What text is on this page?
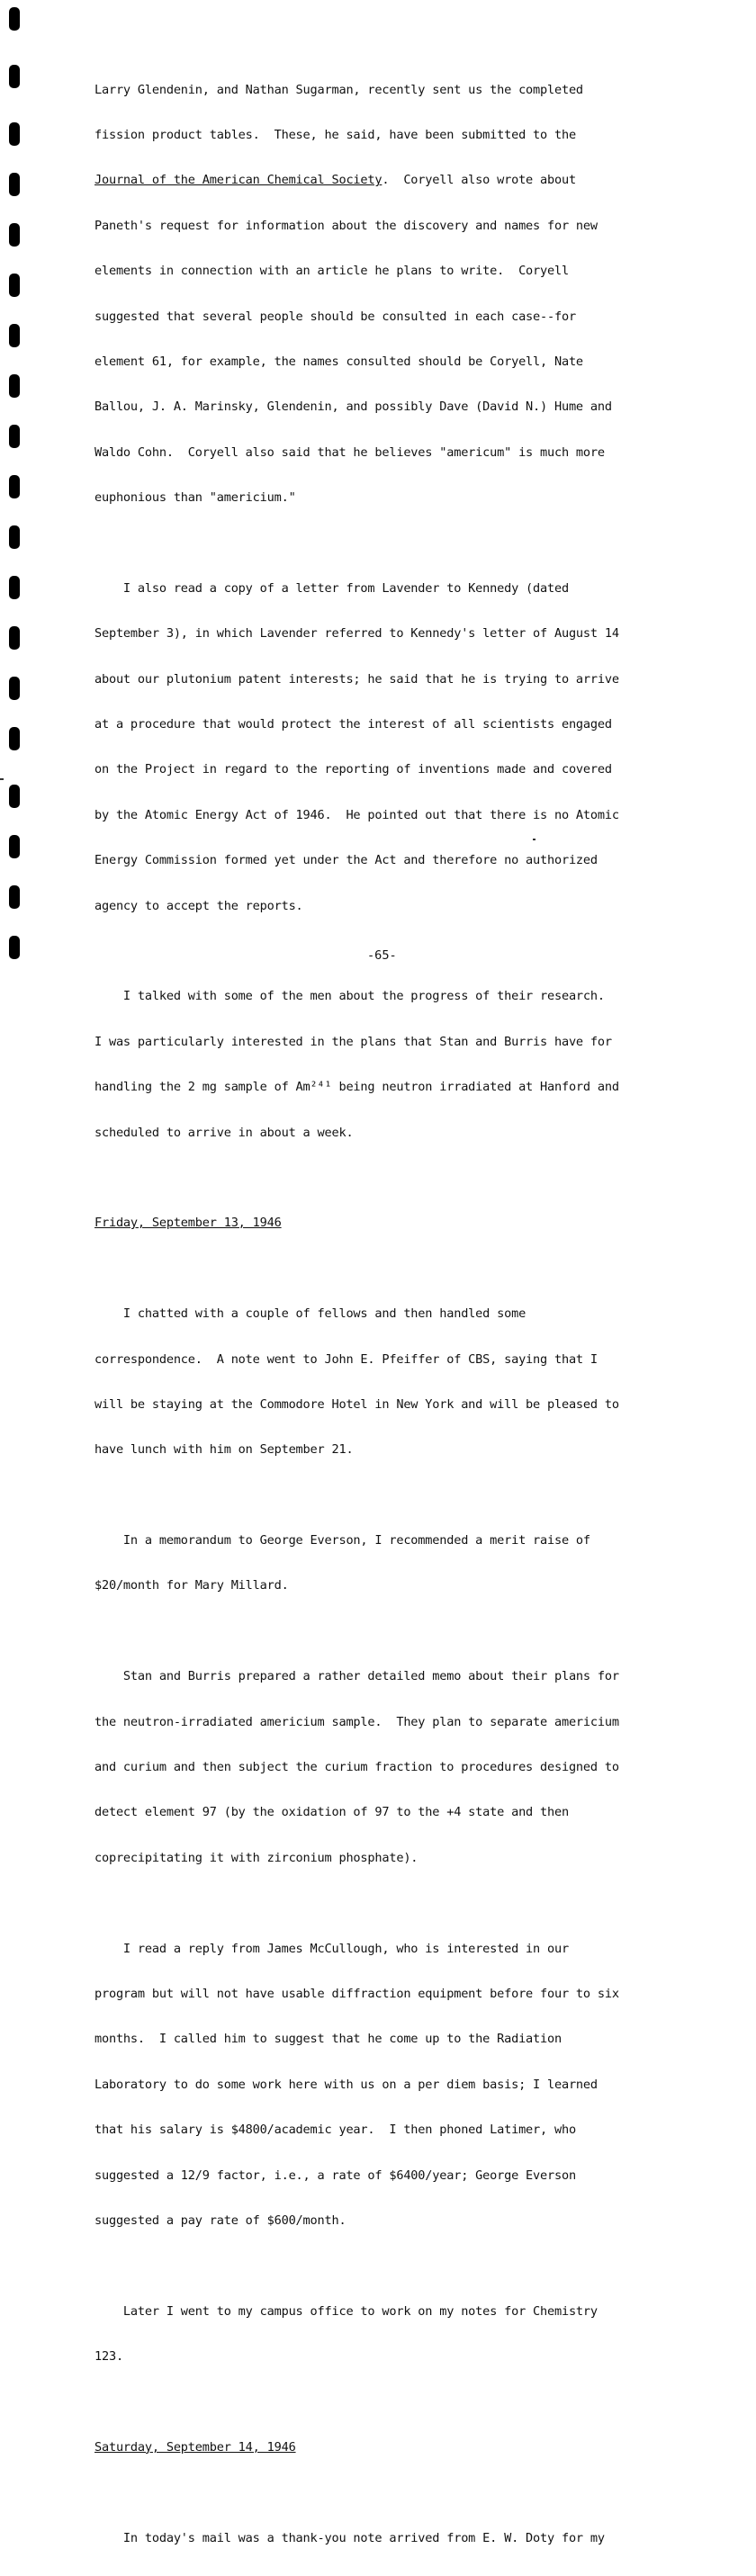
Larry Glendenin, and Nathan Sugarman, recently sent us the completed

fission product tables.  These, he said, have been submitted to the

Journal of the American Chemical Society.  Coryell also wrote about

Paneth's request for information about the discovery and names for new

elements in connection with an article he plans to write.  Coryell

suggested that several people should be consulted in each case--for

element 61, for example, the names consulted should be Coryell, Nate

Ballou, J. A. Marinsky, Glendenin, and possibly Dave (David N.) Hume and

Waldo Cohn.  Coryell also said that he believes "americum" is much more

euphonious than "americium."

I also read a copy of a letter from Lavender to Kennedy (dated

September 3), in which Lavender referred to Kennedy's letter of August 14

about our plutonium patent interests; he said that he is trying to arrive

at a procedure that would protect the interest of all scientists engaged

on the Project in regard to the reporting of inventions made and covered

by the Atomic Energy Act of 1946.  He pointed out that there is no Atomic

Energy Commission formed yet under the Act and therefore no authorized

agency to accept the reports.

I talked with some of the men about the progress of their research.

I was particularly interested in the plans that Stan and Burris have for

handling the 2 mg sample of Am²⁴¹ being neutron irradiated at Hanford and

scheduled to arrive in about a week.

Friday, September 13, 1946

I chatted with a couple of fellows and then handled some

correspondence.  A note went to John E. Pfeiffer of CBS, saying that I

will be staying at the Commodore Hotel in New York and will be pleased to

have lunch with him on September 21.

In a memorandum to George Everson, I recommended a merit raise of

$20/month for Mary Millard.

Stan and Burris prepared a rather detailed memo about their plans for

the neutron-irradiated americium sample.  They plan to separate americium

and curium and then subject the curium fraction to procedures designed to

detect element 97 (by the oxidation of 97 to the +4 state and then

coprecipitating it with zirconium phosphate).

I read a reply from James McCullough, who is interested in our

program but will not have usable diffraction equipment before four to six

months.  I called him to suggest that he come up to the Radiation

Laboratory to do some work here with us on a per diem basis; I learned

that his salary is $4800/academic year.  I then phoned Latimer, who

suggested a 12/9 factor, i.e., a rate of $6400/year; George Everson

suggested a pay rate of $600/month.

Later I went to my campus office to work on my notes for Chemistry

123.

Saturday, September 14, 1946

In today's mail was a thank-you note arrived from E. W. Doty for my

-65-
